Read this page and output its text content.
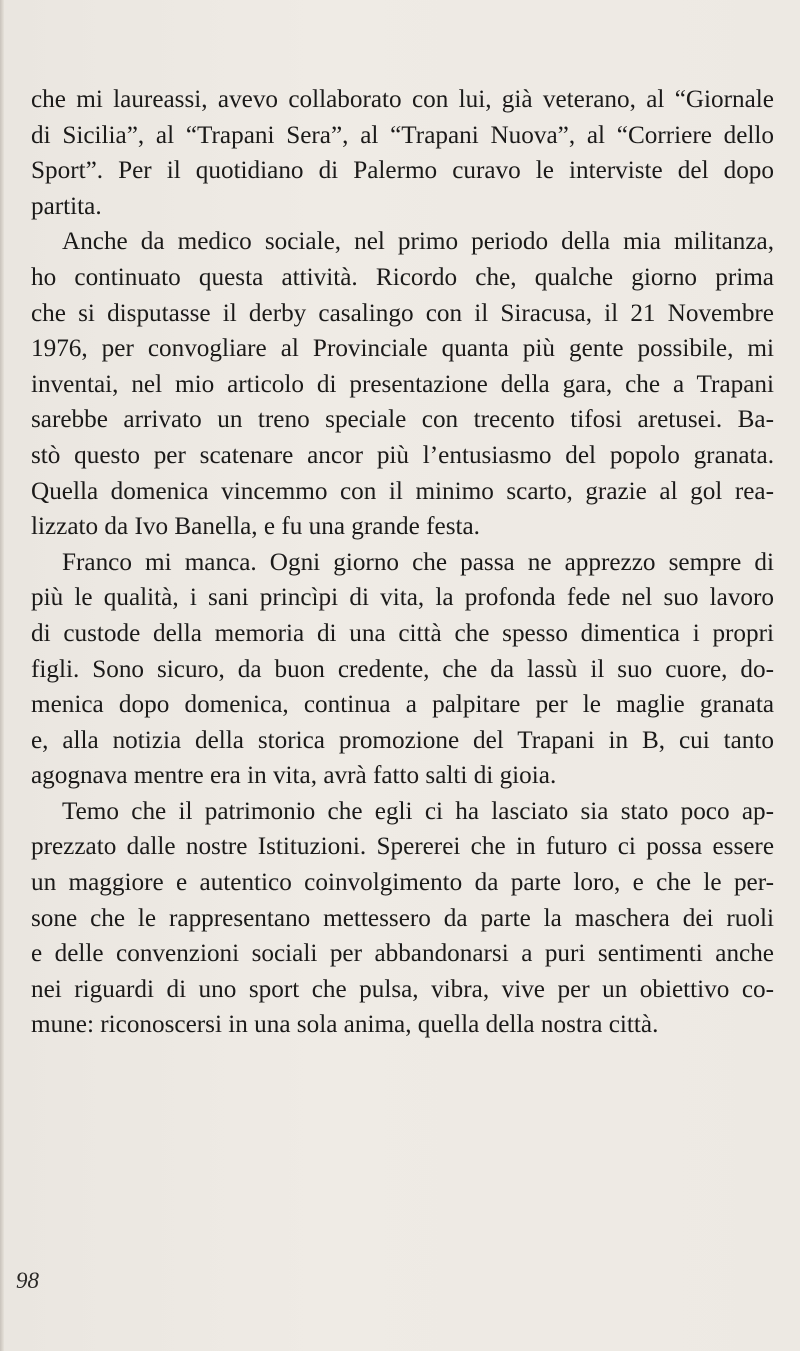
che mi laureassi, avevo collaborato con lui, già veterano, al “Giornale
di Sicilia”, al “Trapani Sera”, al “Trapani Nuova”, al “Corriere dello
Sport”. Per il quotidiano di Palermo curavo le interviste del dopo
partita.

Anche da medico sociale, nel primo periodo della mia militanza,
ho continuato questa attività. Ricordo che, qualche giorno prima
che si disputasse il derby casalingo con il Siracusa, il 21 Novembre
1976, per convogliare al Provinciale quanta più gente possibile, mi
inventai, nel mio articolo di presentazione della gara, che a Trapani
sarebbe arrivato un treno speciale con trecento tifosi aretusei. Ba-
stò questo per scatenare ancor più l’entusiasmo del popolo granata.
Quella domenica vincemmo con il minimo scarto, grazie al gol rea-
lizzato da Ivo Banella, e fu una grande festa.

Franco mi manca. Ogni giorno che passa ne apprezzo sempre di
più le qualità, i sani princìpi di vita, la profonda fede nel suo lavoro
di custode della memoria di una città che spesso dimentica i propri
figli. Sono sicuro, da buon credente, che da lassù il suo cuore, do-
menica dopo domenica, continua a palpitare per le maglie granata
e, alla notizia della storica promozione del Trapani in B, cui tanto
agognava mentre era in vita, avrà fatto salti di gioia.

Temo che il patrimonio che egli ci ha lasciato sia stato poco ap-
prezzato dalle nostre Istituzioni. Spererei che in futuro ci possa essere
un maggiore e autentico coinvolgimento da parte loro, e che le per-
sone che le rappresentano mettessero da parte la maschera dei ruoli
e delle convenzioni sociali per abbandonarsi a puri sentimenti anche
nei riguardi di uno sport che pulsa, vibra, vive per un obiettivo co-
mune: riconoscersi in una sola anima, quella della nostra città.

98
